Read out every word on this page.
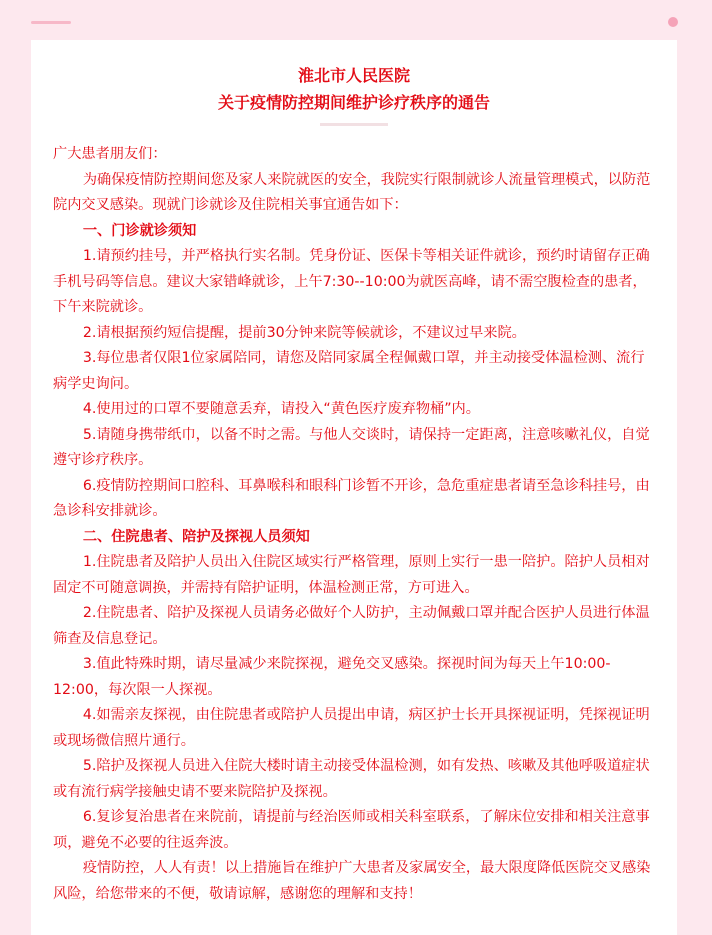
淮北市人民医院
关于疫情防控期间维护诊疗秩序的通告

广大患者朋友们：

为确保疫情防控期间您及家人来院就医的安全，我院实行限制就诊人流量管理模式，以防范院内交叉感染。现就门诊就诊及住院相关事宜通告如下：

一、门诊就诊须知

1.请预约挂号，并严格执行实名制。凭身份证、医保卡等相关证件就诊，预约时请留存正确手机号码等信息。建议大家错峰就诊，上午7:30--10:00为就医高峰，请不需空腹检查的患者，下午来院就诊。

2.请根据预约短信提醒，提前30分钟来院等候就诊，不建议过早来院。

3.每位患者仅限1位家属陪同，请您及陪同家属全程佩戴口罩，并主动接受体温检测、流行病学史询问。

4.使用过的口罩不要随意丢弃，请投入“黄色医疗废弃物桶”内。

5.请随身携带纸巾，以备不时之需。与他人交谈时，请保持一定距离，注意咳嗽礼仪，自觉遵守诊疗秩序。

6.疫情防控期间口腔科、耳鼻喉科和眼科门诊暂不开诊，急危重症患者请至急诊科挂号，由急诊科安排就诊。

二、住院患者、陪护及探视人员须知

1.住院患者及陪护人员出入住院区域实行严格管理，原则上实行一患一陪护。陪护人员相对固定不可随意调换，并需持有陪护证明，体温检测正常，方可进入。

2.住院患者、陪护及探视人员请务必做好个人防护，主动佩戴口罩并配合医护人员进行体温筛查及信息登记。

3.值此特殊时期，请尽量减少来院探视，避免交叉感染。探视时间为每天上午10:00-12:00，每次限一人探视。

4.如需亲友探视，由住院患者或陪护人员提出申请，病区护士长开具探视证明，凭探视证明或现场微信照片通行。

5.陪护及探视人员进入住院大楼时请主动接受体温检测，如有发热、咳嗽及其他呼吸道症状或有流行病学接触史请不要来院陪护及探视。

6.复诊复治患者在来院前，请提前与经治医师或相关科室联系，了解床位安排和相关注意事项，避免不必要的往返奔波。

疫情防控，人人有责！以上措施旨在维护广大患者及家属安全，最大限度降低医院交叉感染风险，给您带来的不便，敬请谅解，感谢您的理解和支持！
